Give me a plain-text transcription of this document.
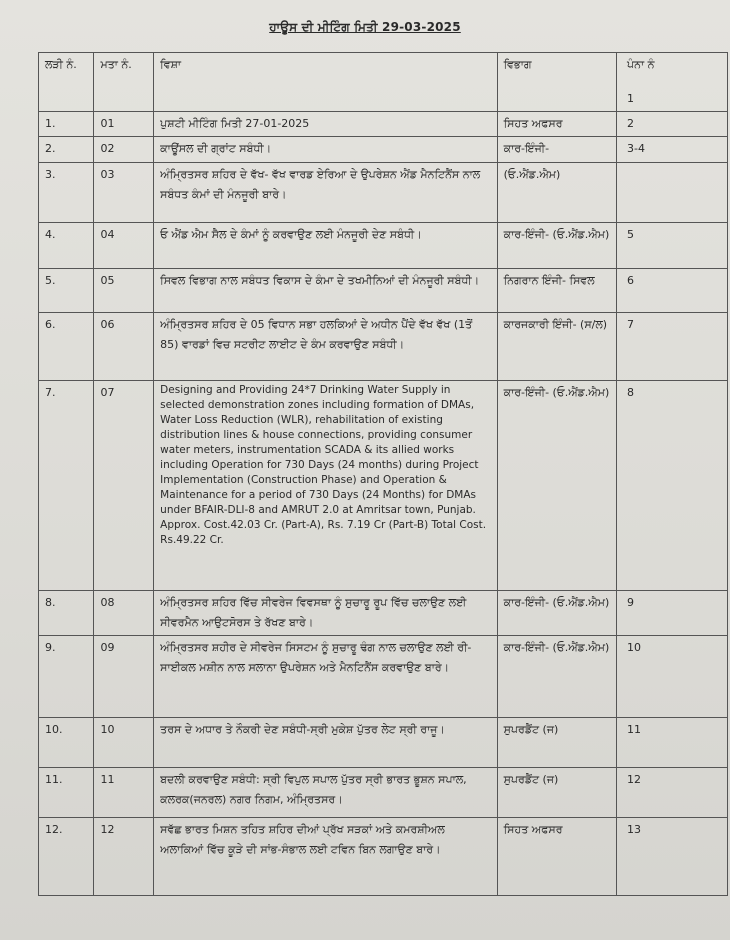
ਹਾਊਸ ਦੀ ਮੀਟਿੰਗ ਮਿਤੀ 29-03-2025
ਲੜੀ ਨੰ.	ਮਤਾ ਨੰ.	ਵਿਸ਼ਾ	ਵਿਭਾਗ	ਪੰਨਾ ਨੰ
1

1.	01	ਪੁਸ਼ਟੀ ਮੀਟਿੰਗ ਮਿਤੀ 27-01-2025	ਸਿਹਤ ਅਫਸਰ	2
2.	02	ਕਾਊਂਸਲ ਦੀ ਗ੍ਰਾਂਟ ਸਬੰਧੀ।	ਕਾਰ-ਇੰਜੀ-	3-4
3.	03	ਅੰਮ੍ਰਿਤਸਰ ਸ਼ਹਿਰ ਦੇ ਵੱਖ- ਵੱਖ ਵਾਰਡ ਏਰਿਆ ਦੇ ਉਪਰੇਸ਼ਨ ਐਂਡ ਮੈਨਟਿਨੈਂਸ ਨਾਲ ਸਬੰਧਤ ਕੰਮਾਂ ਦੀ ਮੰਨਜੂਰੀ ਬਾਰੇ।	(ਓ.ਐਂਡ.ਐਮ)	
4.	04	ਓ ਐਂਡ ਐਮ ਸੈਲ ਦੇ ਕੰਮਾਂ ਨੂੰ ਕਰਵਾਉਣ ਲਈ ਮੰਨਜੂਰੀ ਦੇਣ ਸਬੰਧੀ।	ਕਾਰ-ਇੰਜੀ- (ਓ.ਐਂਡ.ਐਮ)	5
5.	05	ਸਿਵਲ ਵਿਭਾਗ ਨਾਲ ਸਬੰਧਤ ਵਿਕਾਸ ਦੇ ਕੰਮਾ ਦੇ ਤਖਮੀਨਿਆਂ ਦੀ ਮੰਨਜੂਰੀ ਸਬੰਧੀ।	ਨਿਗਰਾਨ ਇੰਜੀ- ਸਿਵਲ	6
6.	06	ਅੰਮ੍ਰਿਤਸਰ ਸ਼ਹਿਰ ਦੇ 05 ਵਿਧਾਨ ਸਭਾ ਹਲਕਿਆਂ ਦੇ ਅਧੀਨ ਪੈਂਦੇ ਵੱਖ ਵੱਖ (1ਤੋਂ 85) ਵਾਰਡਾਂ ਵਿਚ ਸਟਰੀਟ ਲਾਈਟ ਦੇ ਕੰਮ ਕਰਵਾਉਣ ਸਬੰਧੀ।	ਕਾਰਜਕਾਰੀ ਇੰਜੀ- (ਸ/ਲ)	7
7.	07	Designing and Providing 24*7 Drinking Water Supply in selected demonstration zones including formation of DMAs, Water Loss Reduction (WLR), rehabilitation of existing distribution lines & house connections, providing consumer water meters, instrumentation SCADA & its allied works including Operation for 730 Days (24 months) during Project Implementation (Construction Phase) and Operation & Maintenance for a period of 730 Days (24 Months) for DMAs under BFAIR-DLI-8 and AMRUT 2.0 at Amritsar town, Punjab. Approx. Cost.42.03 Cr. (Part-A), Rs. 7.19 Cr (Part-B) Total Cost. Rs.49.22 Cr.	ਕਾਰ-ਇੰਜੀ- (ਓ.ਐਂਡ.ਐਮ)	8
8.	08	ਅੰਮ੍ਰਿਤਸਰ ਸ਼ਹਿਰ ਵਿੱਚ ਸੀਵਰੇਜ ਵਿਵਸਥਾ ਨੂੰ ਸੁਚਾਰੂ ਰੂਪ ਵਿੱਚ ਚਲਾਉਣ ਲਈ ਸੀਵਰਮੈਨ ਆਉਟਸੋਰਸ ਤੇ ਰੱਖਣ ਬਾਰੇ।	ਕਾਰ-ਇੰਜੀ- (ਓ.ਐਂਡ.ਐਮ)	9
9.	09	ਅੰਮ੍ਰਿਤਸਰ ਸ਼ਹੀਰ ਦੇ ਸੀਵਰੇਜ ਸਿਸਟਮ ਨੂੰ ਸੁਚਾਰੂ ਢੰਗ ਨਾਲ ਚਲਾਉਣ ਲਈ ਰੀ-ਸਾਈਕਲ ਮਸ਼ੀਨ ਨਾਲ ਸਲਾਨਾ ਉਪਰੇਸ਼ਨ ਅਤੇ ਮੈਨਟਿਨੈਂਸ ਕਰਵਾਉਣ ਬਾਰੇ।	ਕਾਰ-ਇੰਜੀ- (ਓ.ਐਂਡ.ਐਮ)	10
10.	10	ਤਰਸ ਦੇ ਅਧਾਰ ਤੇ ਨੌਕਰੀ ਦੇਣ ਸਬੰਧੀ-ਸ੍ਰੀ ਮੁਕੇਸ਼ ਪੁੱਤਰ ਲੇਟ ਸ੍ਰੀ ਰਾਜੂ।	ਸੁਪਰਡੈਂਟ (ਜ)	11
11.	11	ਬਦਲੀ ਕਰਵਾਉਣ ਸਬੰਧੀ: ਸ੍ਰੀ ਵਿਪੁਲ ਸਪਾਲ ਪੁੱਤਰ ਸ੍ਰੀ ਭਾਰਤ ਭੂਸ਼ਨ ਸਪਾਲ, ਕਲਰਕ(ਜਨਰਲ) ਨਗਰ ਨਿਗਮ, ਅੰਮ੍ਰਿਤਸਰ।	ਸੁਪਰਡੈਂਟ (ਜ)	12
12.	12	ਸਵੱਛ ਭਾਰਤ ਮਿਸ਼ਨ ਤਹਿਤ ਸ਼ਹਿਰ ਦੀਆਂ ਪ੍ਰੱਖ ਸੜਕਾਂ ਅਤੇ ਕਮਰਸ਼ੀਅਲ ਅਲਾਕਿਆਂ ਵਿੱਚ ਕੂੜੇ ਦੀ ਸਾਂਭ-ਸੰਭਾਲ ਲਈ ਟਵਿਨ ਬਿਨ ਲਗਾਉਣ ਬਾਰੇ।	ਸਿਹਤ ਅਫਸਰ	13
